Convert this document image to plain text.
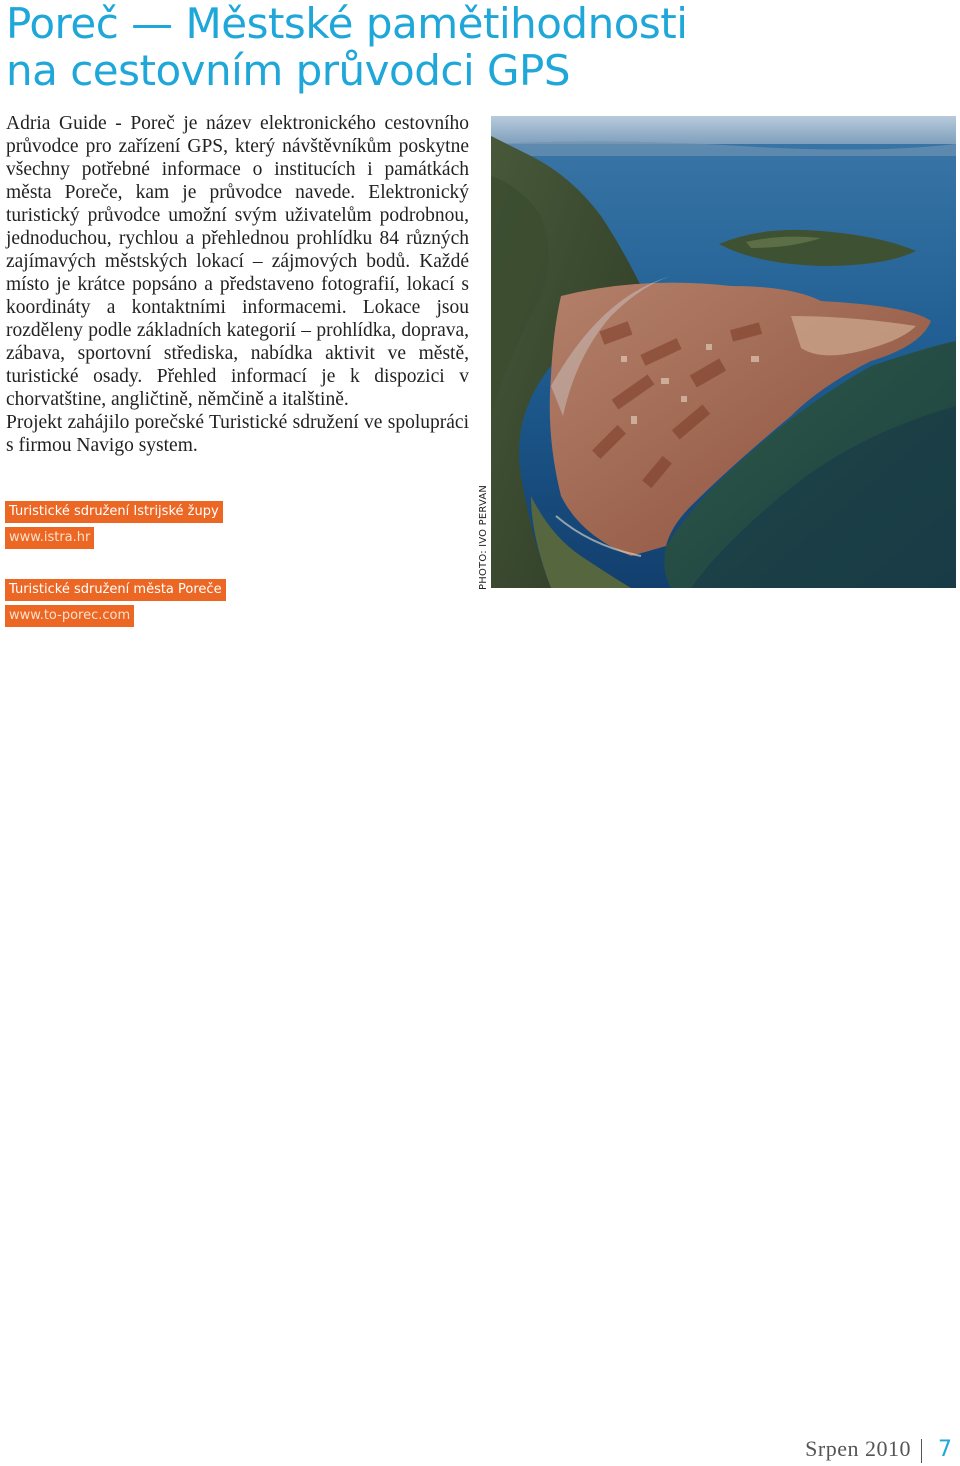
Poreč — Městské pamětihodnosti
na cestovním průvodci GPS

Adria Guide - Poreč je název elektronického cestovního průvodce pro zařízení GPS, který návštěvníkům poskytne všechny potřebné informace o institucích i památkách města Poreče, kam je průvodce navede. Elektronický turistický průvodce umožní svým uživatelům podrobnou, jednoduchou, rychlou a přehlednou prohlídku 84 různých zajímavých městských lokací – zájmových bodů. Každé místo je krátce popsáno a představeno fotografií, lokací s koordináty a kontaktními informacemi. Lokace jsou rozděleny podle základních kategorií – prohlídka, doprava, zábava, sportovní střediska, nabídka aktivit ve městě, turistické osady. Přehled informací je k dispozici v chorvatštine, angličtině, němčině a italštině.

Projekt zahájilo porečské Turistické sdružení ve spolupráci s firmou Navigo system.

Turistické sdružení Istrijské župy
www.istra.hr
Turistické sdružení města Poreče
www.to-porec.com
PHOTO: IVO PERVAN
Srpen 2010 7
